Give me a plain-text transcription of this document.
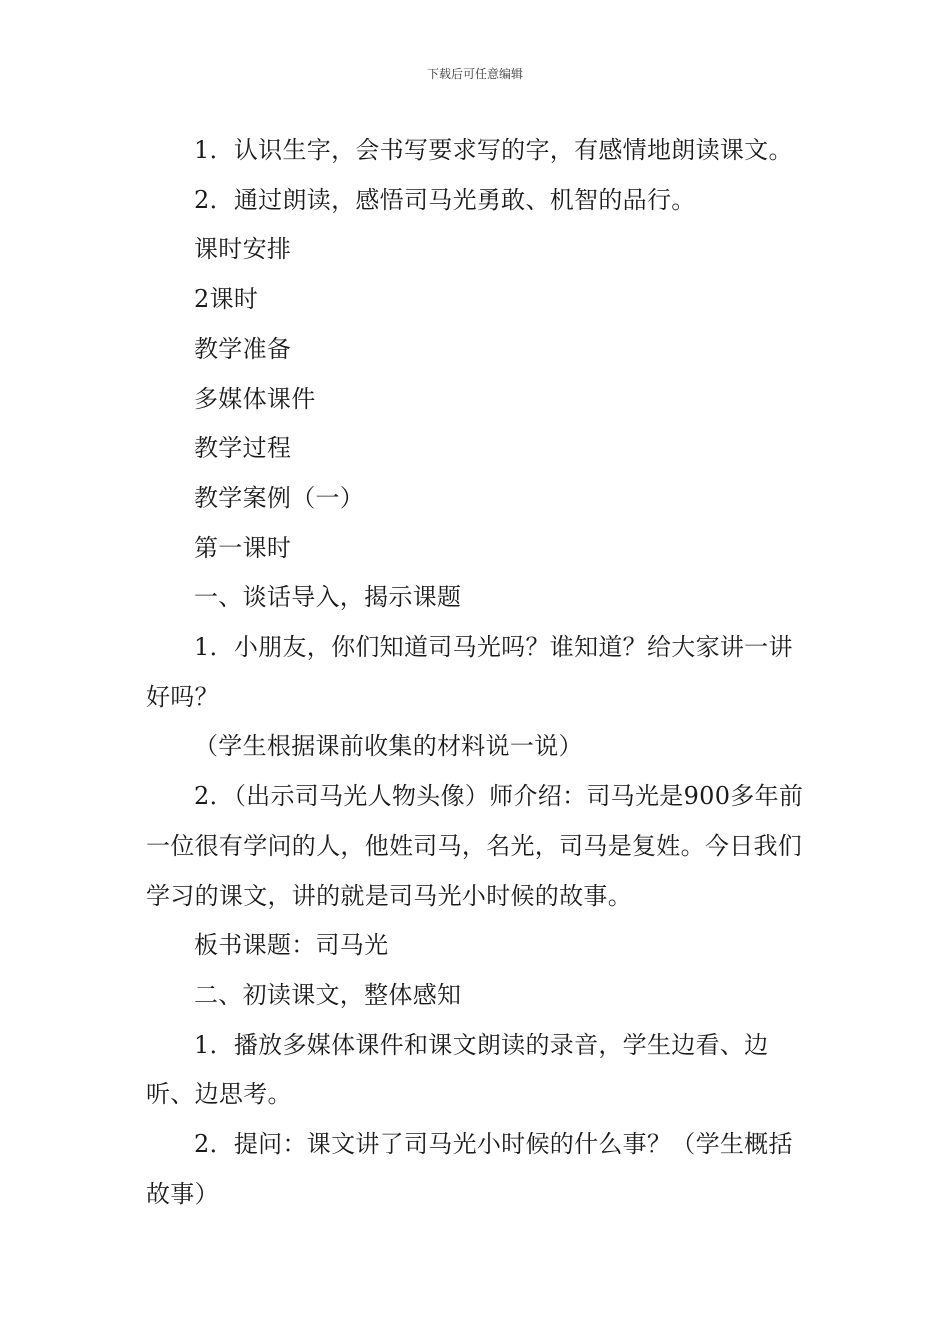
下载后可任意编辑

1．认识生字，会书写要求写的字，有感情地朗读课文。

2．通过朗读，感悟司马光勇敢、机智的品行。

课时安排

2课时

教学准备

多媒体课件

教学过程

教学案例（一）

第一课时

一、谈话导入，揭示课题

1．小朋友，你们知道司马光吗？谁知道？给大家讲一讲好吗？

（学生根据课前收集的材料说一说）

2．（出示司马光人物头像）师介绍：司马光是900多年前一位很有学问的人，他姓司马，名光，司马是复姓。今日我们学习的课文，讲的就是司马光小时候的故事。

板书课题：司马光

二、初读课文，整体感知

1．播放多媒体课件和课文朗读的录音，学生边看、边听、边思考。

2．提问：课文讲了司马光小时候的什么事？（学生概括故事）
